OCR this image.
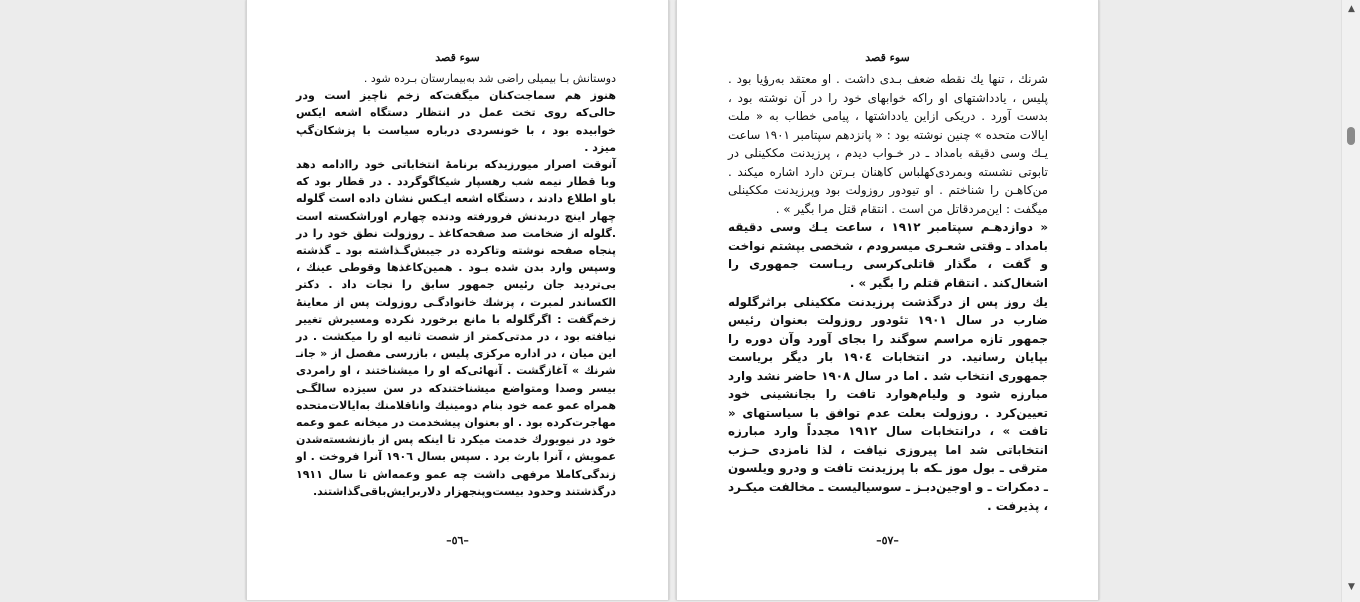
سوء قصد

دوستانش بـا بیمیلی راضی شد به‌بیمارستان بـرده شود .

هنوز هم سماجت‌کنان میگفت‌که زخم ناچیز است ودر حالی‌که روی تخت عمل در انتظار دستگاه اشعه ایکس خوابیده بود ، با خونسردی درباره سیاست با پزشکان‌گپ میزد .

آنوقت اصرار میورزید‌که برنامهٔ انتخاباتی خود راادامه دهد وبا قطار نیمه شب رهسپار شیکاگوگردد . در قطار بود که باو اطلاع دادند ، دستگاه اشعه ایـکس نشان داده است گلوله چهار اینچ دربدنش فرورفته ودنده چهارم اوراشکسته است .گلوله از ضخامت صد صفحه‌کاغذ ـ روزولت نطق خود را در پنجاه صفحه نوشته وتاکرده در جیبش‌گـذاشته بود ـ گذشته وسپس وارد بدن شده بـود . همین‌کاغذها وقوطی عینك ، بی‌تردید جان رئیس جمهور سابق را نجات داد . دکتر الکساندر لمبرت ، پزشك خانوادگـی روزولت پس از معاینهٔ زخم‌گفت : اگرگلوله با مانع برخورد نکرده ومسیرش تغییر نیافته بود ، در مدتی‌کمتر از شصت ثانیه او را میکشت . در این میان ، در اداره مرکزی پلیس ، بازرسی مفصل از « جانـ شرنك » آغازگشت . آنهائی‌که او را میشناختند ، او رامردی بیسر وصدا ومتواضع میشناختندکه در سن سیزده سالگـی همراه عمو عمه خود بنام دومینیك واناقلامنك به‌ایالات‌متحده مهاجرت‌کرده بود . او بعنوان پیشخدمت در میخانه عمو وعمه خود در نیویورك خدمت میکرد تا اینکه پس از بازنشسته‌شدن عمویش ، آنرا بارث برد . سپس بسال ١٩٠٦ آنرا فروخت . او زندگی‌کاملا مرفهی داشت چه عمو وعمه‌اش تا سال ١٩١١ درگذشتند وحدود بیست‌وپنجهزار دلاربرایش‌باقی‌گذاشتند.

–٥٦–
سوء قصد

شرنك ، تنها یك نقطه ضعف بـدی داشت . او معتقد به‌رؤیا بود . پلیس ، یادداشتهای او راکه خوابهای خود را در آن نوشته بود ، بدست آورد . دریکی ازاین یادداشتها ، پیامی خطاب به « ملت ایالات متحده » چنین نوشته بود : « پانزدهم سپتامبر ١٩٠١ ساعت یـك وسی دقیقه بامداد ـ در خـواب دیدم ، پرزیدنت مککینلی در تابوتی نشسته وبمردی‌کهلباس کاهنان بـرتن دارد اشاره میکند . من‌کاهـن را شناختم . او تیودور روزولت بود وپرزیدنت مککینلی میگفت : این‌مردقاتل من است . انتقام قتل مرا بگیر » .

« دوازدهـم سپتامبر ١٩١٢ ، ساعت یـك وسی دقیقه بامداد ـ وقتی شعـری میسرودم ، شخصی بپشتم نواخت و گفت ، مگذار قاتلی‌کرسی ریـاست جمهوری را اشغال‌کند . انتقام قتلم را بگیر » .

یك روز پس از درگذشت پرزیدنت مککینلی براثرگلوله ضارب در سال ١٩٠١ تئودور روزولت بعنوان رئیس جمهور تازه مراسم سوگند را بجای آورد وآن دوره را بپایان رسانید. در انتخابات ١٩٠٤ بار دیگر بریاست جمهوری انتخاب شد . اما در سال ١٩٠٨ حاضر نشد وارد مبارزه شود و ولیام‌هوارد تافت را بجانشینی خود تعیین‌کرد . روزولت بعلت عدم توافق با سیاستهای « تافت » ، درانتخابات سال ١٩١٢ مجدداً وارد مبارزه انتخاباتی شد اما پیروزی نیافت ، لذا نامزدی حـزب مترقی ـ بول موز ـکه با پرزیدنت تافت و ودرو ویلسون ـ دمکرات ـ و اوجین‌دبـز ـ سوسیالیست ـ مخالفت میکـرد ، پذیرفت .

–٥٧–
▲
▼
